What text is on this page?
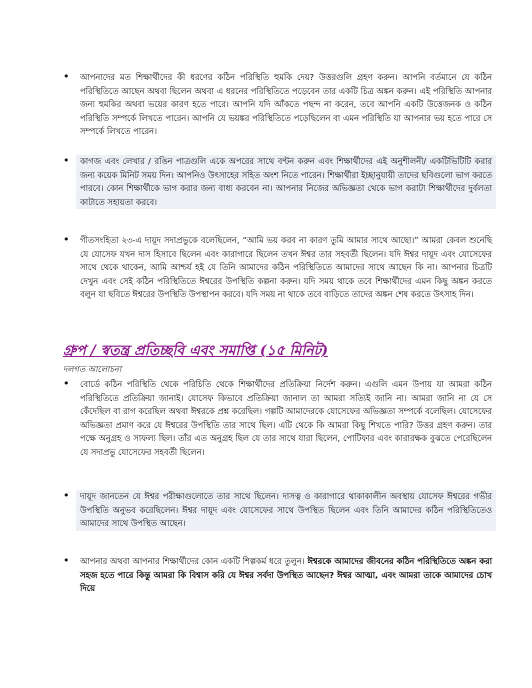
•	আপনাদের মত শিক্ষার্থীদের কী ধরণের কঠিন পরিস্থিতি হুমকি দেয়? উত্তরগুলি গ্রহণ করুন। আপনি বর্তমানে যে কঠিন পরিস্থিতিতে আছেন অথবা ছিলেন অথবা এ ধরনের পরিস্থিতিতে পড়েবেন তার একটি চিত্র অঙ্কন করুন। এই পরিস্থিতি আপনার জন্য হুমকির অথবা ভয়ের কারণ হতে পারে। আপনি যদি আঁকতে পছন্দ না করেন, তবে আপনি একটি উত্তেজনক ও কঠিন পরিস্থিতি সম্পর্কে লিখতে পারেন। আপনি যে ভয়ঙ্কর পরিস্থিতিতে পড়েছিলেন বা এমন পরিস্থিতি যা আপনার ভয় হতে পারে সে সম্পর্কে লিখতে পারেন।
•	কাগজ এবং লেখার / রঙিন পাত্রগুলি একে অপরের সাথে বণ্টন করুন এবং শিক্ষার্থীদের এই অনুশীলনী/ একটিভিটিটি করার জন্য কয়েক মিনিট সময় দিন। আপনিও উৎসাহের সহিত অংশ নিতে পারেন। শিক্ষার্থীরা ইচ্ছানুযায়ী তাদের ছবিগুলো ভাগ করতে পারবে। কোন শিক্ষার্থীকে ভাগ করার জন্য বাধ্য করবেন না। আপনার নিজের অভিজ্ঞতা থেকে ভাগ করাটা শিক্ষার্থীদের দুর্বলতা কাটাতে সহায়তা করবে।
•	গীতসংহিতা ২৩-এ দায়ূদ সদাপ্রভুকে বলেছিলেন, “আমি ভয় করব না কারণ তুমি আমার সাথে আছো।” আমরা কেবল শুনেছি যে যোসেফ যখন দাস হিসাবে ছিলেন এবং কারাগারে ছিলেন তখন ঈশ্বর তার সহবর্তী ছিলেন। যদি ঈশ্বর দায়ূদ এবং যোসেফের সাথে থেকে থাকেন, আমি আশ্চর্য হই যে তিনি আমাদের কঠিন পরিস্থিতিতে আমাদের সাথে আছেন কি না। আপনার চিত্রটি দেখুন এবং সেই কঠিন পরিস্থিতিতে ঈশ্বরের উপস্থিতি কল্পনা করুন। যদি সময় থাকে তবে শিক্ষার্থীদের এমন কিছু অঙ্কন করতে বলুন যা ছবিতে ঈশ্বরের উপস্থিতি উপস্থাপন করবে। যদি সময় না থাকে তবে বাড়িতে তাদের অঙ্কন শেষ করতে উৎসাহ দিন।
গ্রুপ / স্বতন্ত্র প্রতিচ্ছবি এবং সমাপ্তি (১৫ মিনিট)
দলগত আলোচনা
•	বোর্ডে কঠিন পরিস্থিতি থেকে পরিচিতি থেকে শিক্ষার্থীদের প্রতিক্রিয়া নির্দেশ করুন। এগুলি এমন উপায় যা আমরা কঠিন পরিস্থিতিতে প্রতিক্রিয়া জানাই। যোসেফ কিভাবে প্রতিক্রিয়া জানাল তা আমরা সত্যিই জানি না। আমরা জানি না যে সে কেঁদেছিল বা রাগ করেছিল অথবা ঈশ্বরকে প্রশ্ন করেছিল। গল্পটি আমাদেরকে যোসেফের অভিজ্ঞতা সম্পর্কে বলেছিল। যোসেফের অভিজ্ঞতা প্রমাণ করে যে ঈশ্বরের উপস্থিতি তার সাথে ছিল। এটি থেকে কি আমরা কিছু শিখতে পারি? উত্তর গ্রহণ করুন। তার পক্ষে অনুগ্রহ ও সাফল্য ছিল। তাঁর এত অনুগ্রহ ছিল যে তার সাথে যারা ছিলেন, পোটিফার এবং কারারক্ষক বুঝতে পেরেছিলেন যে সদাপ্রভু যোসেফের সহবর্তী ছিলেন।
•	দায়ূদ জানতেন যে ঈশ্বর পরীক্ষাগুলোতে তার সাথে ছিলেন। দাসত্ব ও কারাগারে থাকাকালীন অবস্থায় যোসেফ ঈশ্বরের গভীর উপস্থিতি অনুভব করেছিলেন। ঈশ্বর দায়ূদ এবং যোসেফের সাথে উপস্থিত ছিলেন এবং তিনি আমাদের কঠিন পরিস্থিতিতেও আমাদের সাথে উপস্থিত আছেন।
•	আপনার অথবা আপনার শিক্ষার্থীদের কোন একটি শিল্পকর্ম ধরে তুলুন। ঈশ্বরকে আমাদের জীবনের কঠিন পরিস্থিতিতে অঙ্কন করা সহজ হতে পারে কিন্তু আমরা কি বিশ্বাস করি যে ঈশ্বর সর্বদা উপস্থিত আছেন? ঈশ্বর আত্মা, এবং আমরা তাকে আমাদের চোখ দিয়ে
